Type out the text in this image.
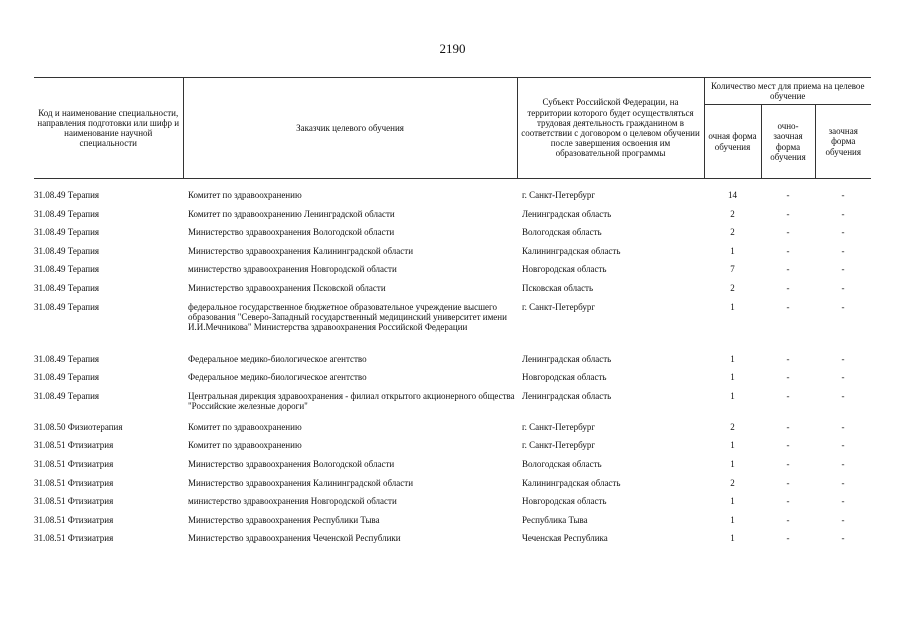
2190
Код и наименование специальности, направления подготовки или шифр и наименование научной специальности	Заказчик целевого обучения	Субъект Российской Федерации, на территории которого будет осуществляться трудовая деятельность гражданином в соответствии с договором о целевом обучении после завершения освоения им образовательной программы	Количество мест для приема на целевое обучение		
			очная форма обучения	очно-заочная форма обучения	заочная форма обучения

31.08.49 Терапия	Комитет по здравоохранению	г. Санкт-Петербург	14	-	-
31.08.49 Терапия	Комитет по здравоохранению Ленинградской области	Ленинградская область	2	-	-
31.08.49 Терапия	Министерство здравоохранения Вологодской области	Вологодская область	2	-	-
31.08.49 Терапия	Министерство здравоохранения Калининградской области	Калининградская область	1	-	-
31.08.49 Терапия	министерство здравоохранения Новгородской области	Новгородская область	7	-	-
31.08.49 Терапия	Министерство здравоохранения Псковской области	Псковская область	2	-	-
31.08.49 Терапия	федеральное государственное бюджетное образовательное учреждение высшего образования "Северо-Западный государственный медицинский университет имени И.И.Мечникова" Министерства здравоохранения Российской Федерации	г. Санкт-Петербург	1	-	-
31.08.49 Терапия	Федеральное медико-биологическое агентство	Ленинградская область	1	-	-
31.08.49 Терапия	Федеральное медико-биологическое агентство	Новгородская область	1	-	-
31.08.49 Терапия	Центральная дирекция здравоохранения - филиал открытого акционерного общества "Российские железные дороги"	Ленинградская область	1	-	-
31.08.50 Физиотерапия	Комитет по здравоохранению	г. Санкт-Петербург	2	-	-
31.08.51 Фтизиатрия	Комитет по здравоохранению	г. Санкт-Петербург	1	-	-
31.08.51 Фтизиатрия	Министерство здравоохранения Вологодской области	Вологодская область	1	-	-
31.08.51 Фтизиатрия	Министерство здравоохранения Калининградской области	Калининградская область	2	-	-
31.08.51 Фтизиатрия	министерство здравоохранения Новгородской области	Новгородская область	1	-	-
31.08.51 Фтизиатрия	Министерство здравоохранения Республики Тыва	Республика Тыва	1	-	-
31.08.51 Фтизиатрия	Министерство здравоохранения Чеченской Республики	Чеченская Республика	1	-	-
